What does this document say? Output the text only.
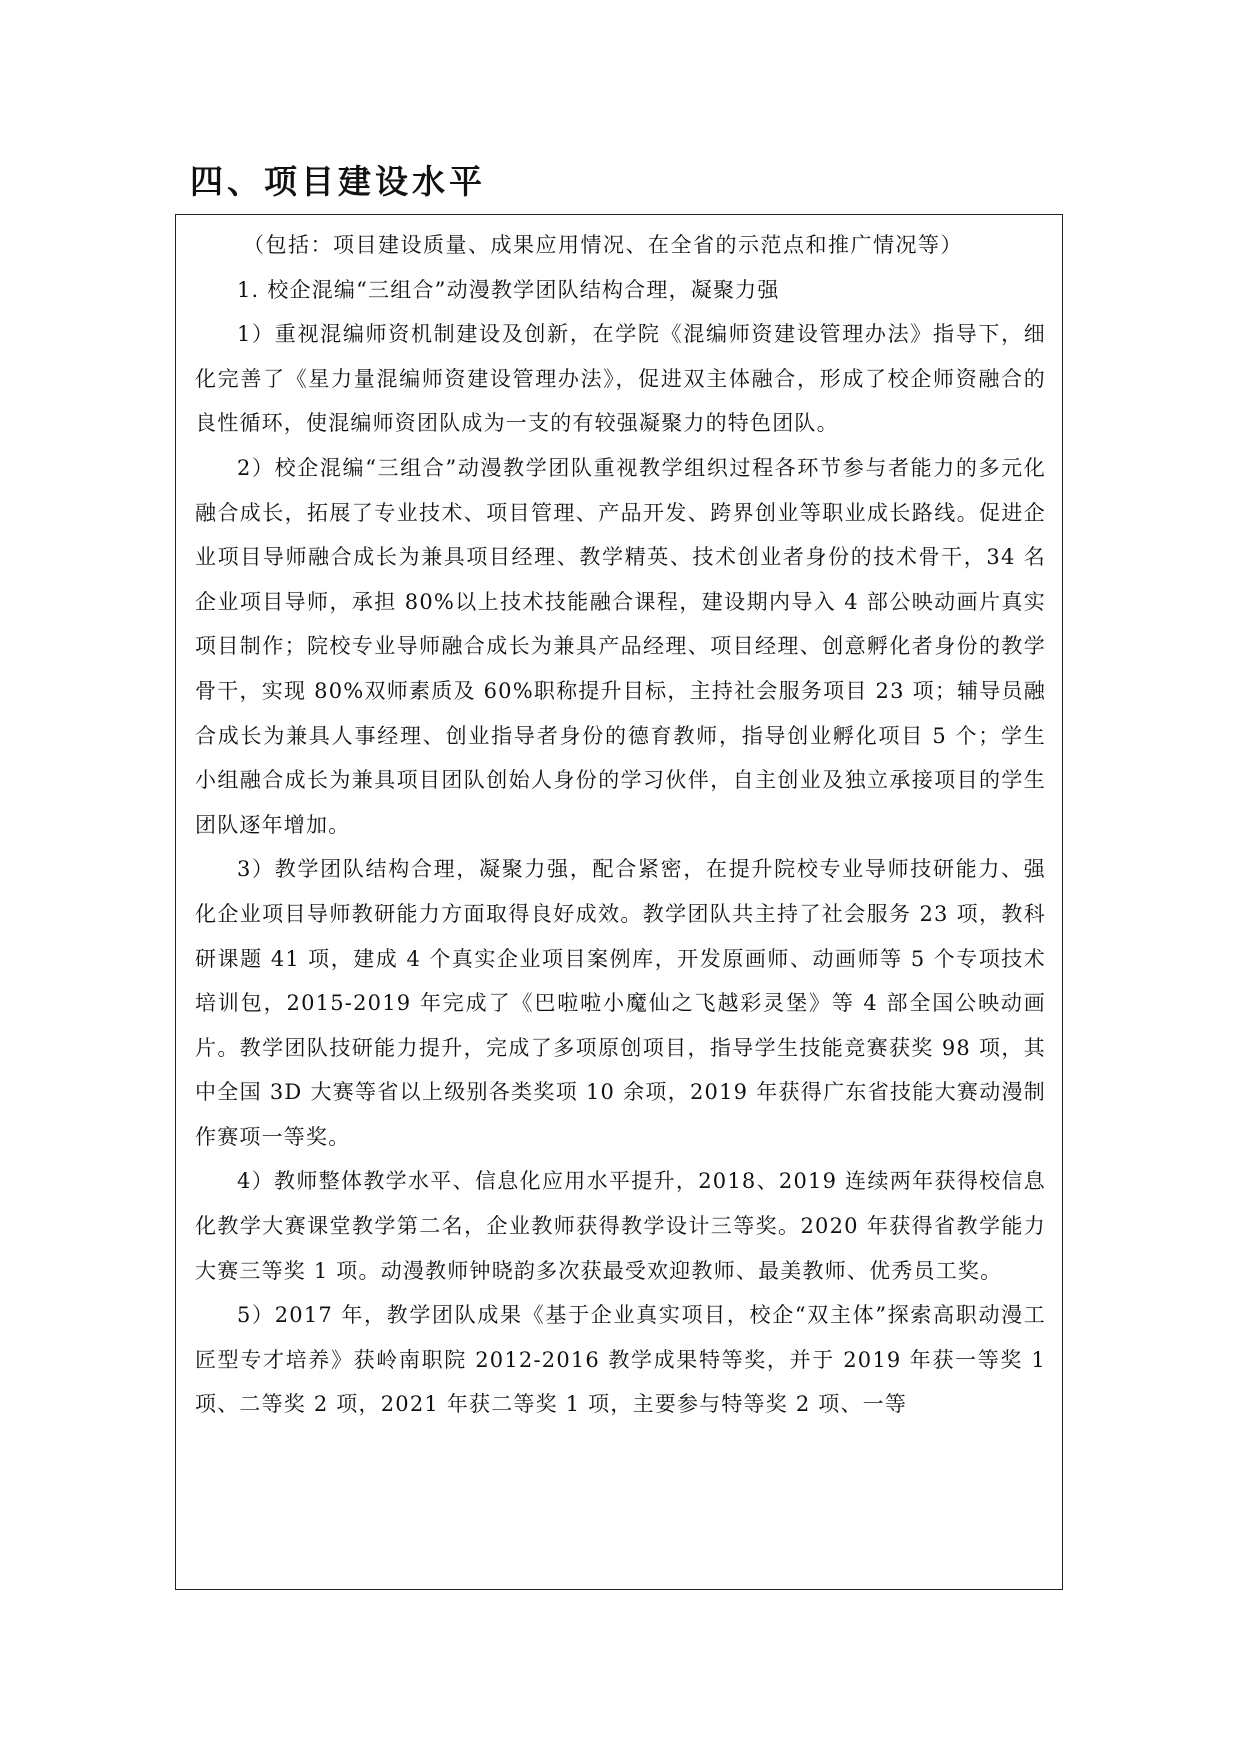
四、项目建设水平

（包括：项目建设质量、成果应用情况、在全省的示范点和推广情况等）

1. 校企混编“三组合”动漫教学团队结构合理，凝聚力强

1）重视混编师资机制建设及创新，在学院《混编师资建设管理办法》指导下，细化完善了《星力量混编师资建设管理办法》，促进双主体融合，形成了校企师资融合的良性循环，使混编师资团队成为一支的有较强凝聚力的特色团队。

2）校企混编“三组合”动漫教学团队重视教学组织过程各环节参与者能力的多元化融合成长，拓展了专业技术、项目管理、产品开发、跨界创业等职业成长路线。促进企业项目导师融合成长为兼具项目经理、教学精英、技术创业者身份的技术骨干，34 名企业项目导师，承担 80%以上技术技能融合课程，建设期内导入 4 部公映动画片真实项目制作；院校专业导师融合成长为兼具产品经理、项目经理、创意孵化者身份的教学骨干，实现 80%双师素质及 60%职称提升目标，主持社会服务项目 23 项；辅导员融合成长为兼具人事经理、创业指导者身份的德育教师，指导创业孵化项目 5 个；学生小组融合成长为兼具项目团队创始人身份的学习伙伴，自主创业及独立承接项目的学生团队逐年增加。

3）教学团队结构合理，凝聚力强，配合紧密，在提升院校专业导师技研能力、强化企业项目导师教研能力方面取得良好成效。教学团队共主持了社会服务 23 项，教科研课题 41 项，建成 4 个真实企业项目案例库，开发原画师、动画师等 5 个专项技术培训包，2015-2019 年完成了《巴啦啦小魔仙之飞越彩灵堡》等 4 部全国公映动画片。教学团队技研能力提升，完成了多项原创项目，指导学生技能竞赛获奖 98 项，其中全国 3D 大赛等省以上级别各类奖项 10 余项，2019 年获得广东省技能大赛动漫制作赛项一等奖。

4）教师整体教学水平、信息化应用水平提升，2018、2019 连续两年获得校信息化教学大赛课堂教学第二名，企业教师获得教学设计三等奖。2020 年获得省教学能力大赛三等奖 1 项。动漫教师钟晓韵多次获最受欢迎教师、最美教师、优秀员工奖。

5）2017 年，教学团队成果《基于企业真实项目，校企“双主体”探索高职动漫工匠型专才培养》获岭南职院 2012-2016 教学成果特等奖，并于 2019 年获一等奖 1 项、二等奖 2 项，2021 年获二等奖 1 项，主要参与特等奖 2 项、一等
